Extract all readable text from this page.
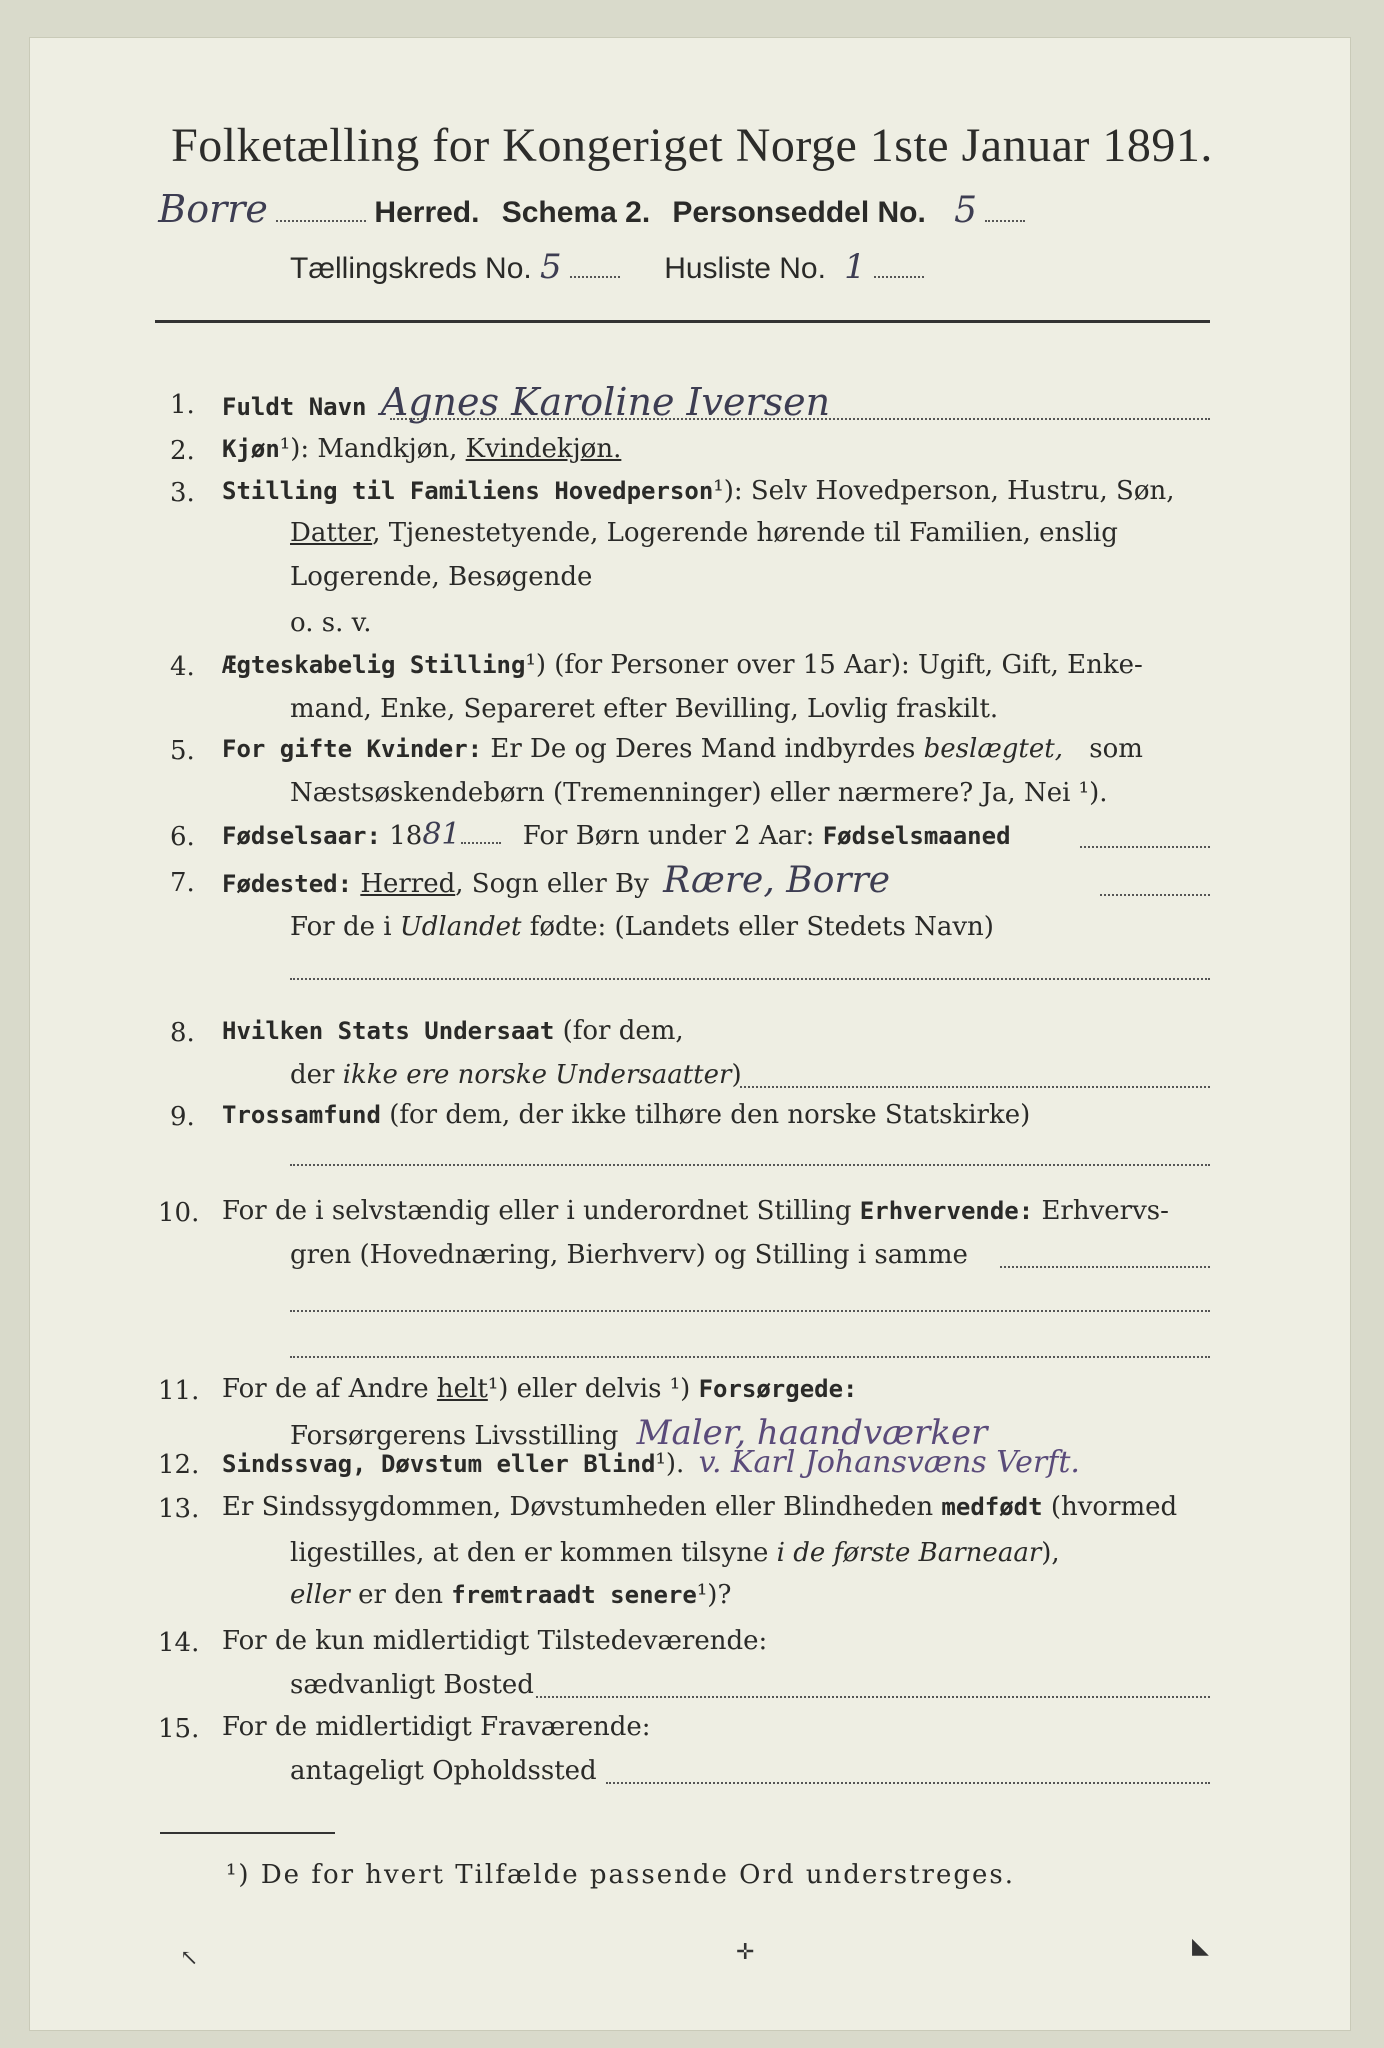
Folketælling for Kongeriget Norge 1ste Januar 1891.
Borre	Herred. Schema 2. Personseddel No. 5
Tællingskreds No. 5	Husliste No. 1
1. Fuldt Navn Agnes Karoline Iversen
2. Kjøn¹): Mandkjøn, Kvindekjøn.
3. Stilling til Familiens Hovedperson¹): Selv Hovedperson, Hustru, Søn,
Datter, Tjenestetyende, Logerende hørende til Familien, enslig
Logerende, Besøgende
o. s. v.
4. Ægteskabelig Stilling¹) (for Personer over 15 Aar): Ugift, Gift, Enke-
mand, Enke, Separeret efter Bevilling, Lovlig fraskilt.
5. For gifte Kvinder: Er De og Deres Mand indbyrdes beslægtet, som
Næstsøskendebørn (Tremenninger) eller nærmere? Ja, Nei ¹).
6. Fødselsaar: 1881 For Børn under 2 Aar: Fødselsmaaned
7. Fødested: Herred, Sogn eller By Rære, Borre
For de i Udlandet fødte: (Landets eller Stedets Navn)
8. Hvilken Stats Undersaat (for dem,
der ikke ere norske Undersaatter)
9. Trossamfund (for dem, der ikke tilhøre den norske Statskirke)
10. For de i selvstændig eller i underordnet Stilling Erhvervende: Erhvervs-
gren (Hovednæring, Bierhverv) og Stilling i samme
11. For de af Andre helt¹) eller delvis ¹) Forsørgede:
Forsørgerens Livsstilling Maler, haandværker
12. Sindssvag, Døvstum eller Blind¹). v. Karl Johansvæns Verft.
13. Er Sindssygdommen, Døvstumheden eller Blindheden medfødt (hvormed
ligestilles, at den er kommen tilsyne i de første Barneaar),
eller er den fremtraadt senere¹)?
14. For de kun midlertidigt Tilstedeværende:
sædvanligt Bosted
15. For de midlertidigt Fraværende:
antageligt Opholdssted
¹) De for hvert Tilfælde passende Ord understreges.
↖	✛	◣
